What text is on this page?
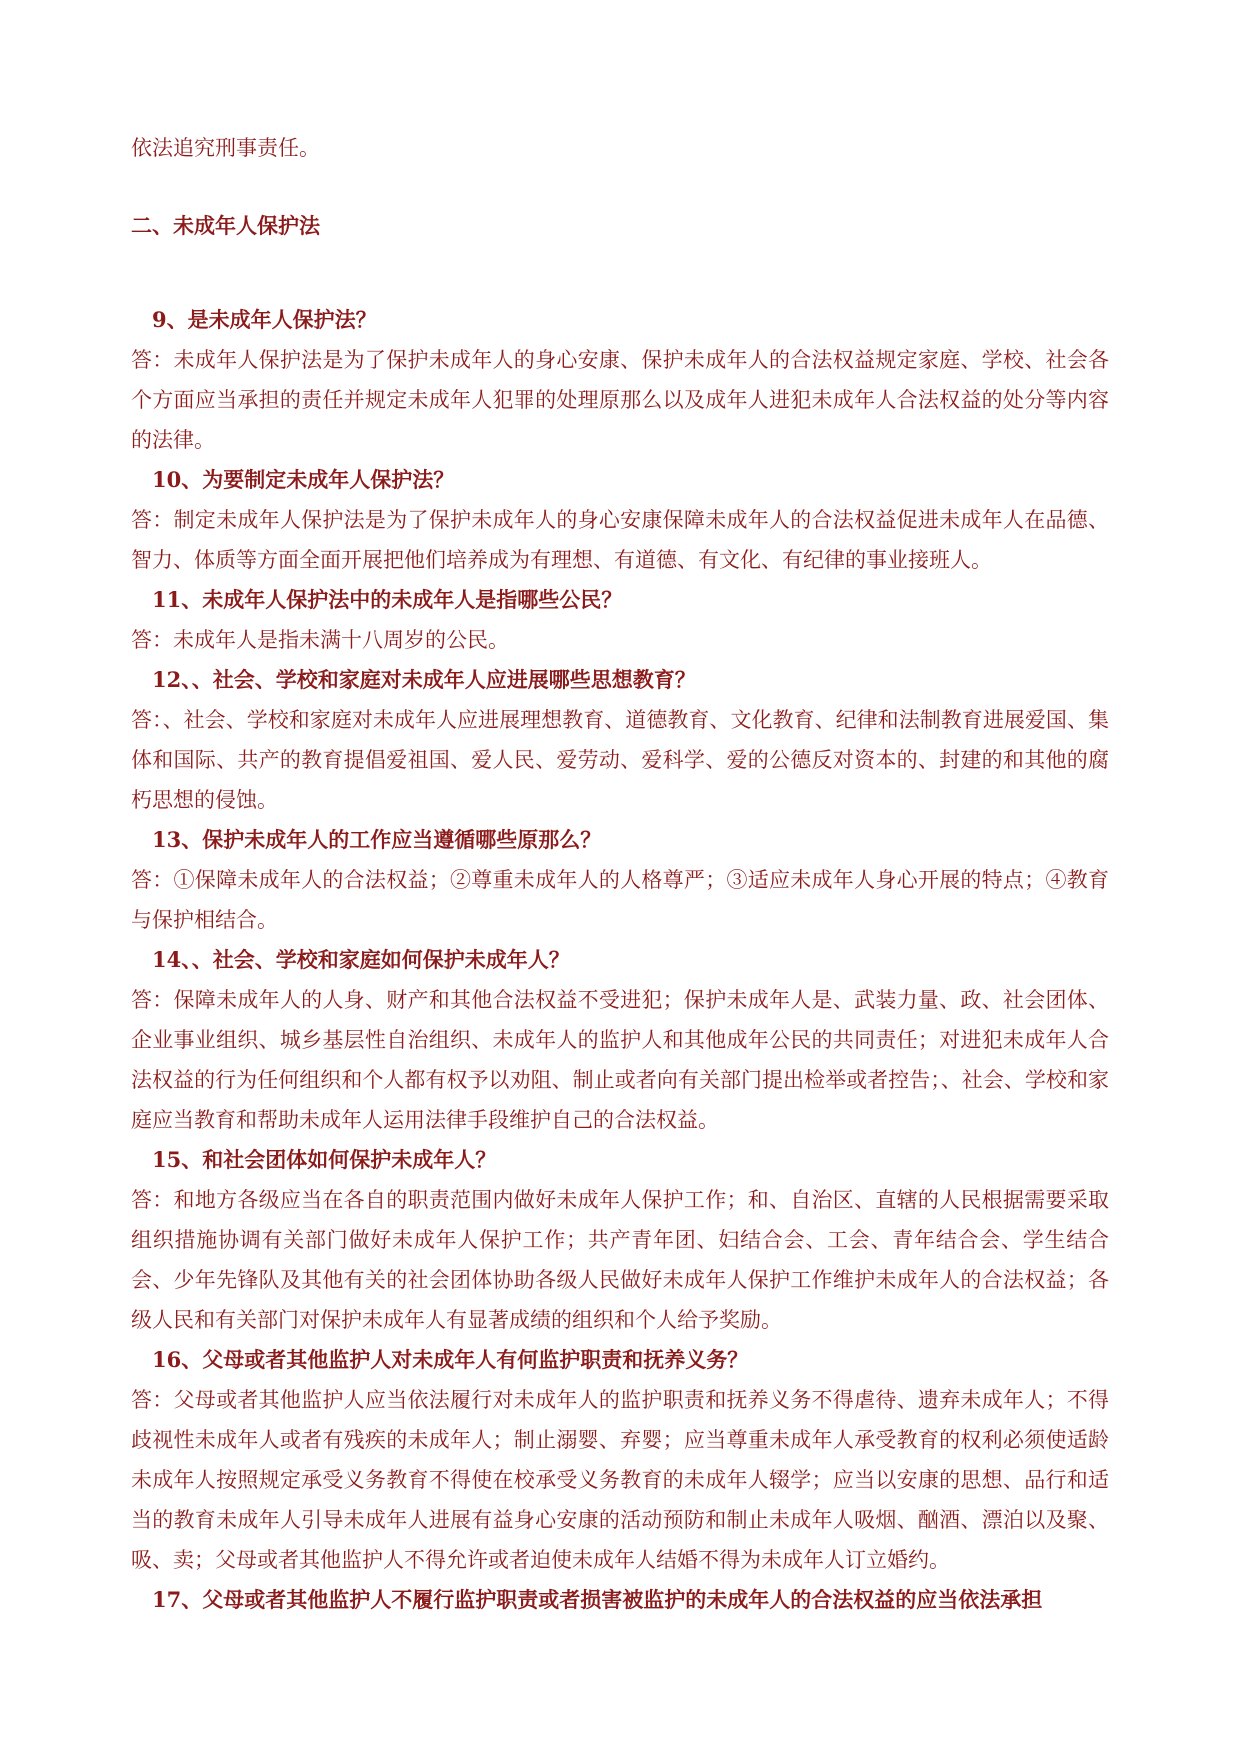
依法追究刑事责任。

二、未成年人保护法

9、是未成年人保护法？

答：未成年人保护法是为了保护未成年人的身心安康、保护未成年人的合法权益规定家庭、学校、社会各个方面应当承担的责任并规定未成年人犯罪的处理原那么以及成年人进犯未成年人合法权益的处分等内容的法律。

10、为要制定未成年人保护法？

答：制定未成年人保护法是为了保护未成年人的身心安康保障未成年人的合法权益促进未成年人在品德、智力、体质等方面全面开展把他们培养成为有理想、有道德、有文化、有纪律的事业接班人。

11、未成年人保护法中的未成年人是指哪些公民？

答：未成年人是指未满十八周岁的公民。

12、、社会、学校和家庭对未成年人应进展哪些思想教育？

答：、社会、学校和家庭对未成年人应进展理想教育、道德教育、文化教育、纪律和法制教育进展爱国、集体和国际、共产的教育提倡爱祖国、爱人民、爱劳动、爱科学、爱的公德反对资本的、封建的和其他的腐朽思想的侵蚀。

13、保护未成年人的工作应当遵循哪些原那么？

答：①保障未成年人的合法权益；②尊重未成年人的人格尊严；③适应未成年人身心开展的特点；④教育与保护相结合。

14、、社会、学校和家庭如何保护未成年人？

答：保障未成年人的人身、财产和其他合法权益不受进犯；保护未成年人是、武装力量、政、社会团体、企业事业组织、城乡基层性自治组织、未成年人的监护人和其他成年公民的共同责任；对进犯未成年人合法权益的行为任何组织和个人都有权予以劝阻、制止或者向有关部门提出检举或者控告；、社会、学校和家庭应当教育和帮助未成年人运用法律手段维护自己的合法权益。

15、和社会团体如何保护未成年人？

答：和地方各级应当在各自的职责范围内做好未成年人保护工作；和、自治区、直辖的人民根据需要采取组织措施协调有关部门做好未成年人保护工作；共产青年团、妇结合会、工会、青年结合会、学生结合会、少年先锋队及其他有关的社会团体协助各级人民做好未成年人保护工作维护未成年人的合法权益；各级人民和有关部门对保护未成年人有显著成绩的组织和个人给予奖励。

16、父母或者其他监护人对未成年人有何监护职责和抚养义务？

答：父母或者其他监护人应当依法履行对未成年人的监护职责和抚养义务不得虐待、遗弃未成年人；不得歧视性未成年人或者有残疾的未成年人；制止溺婴、弃婴；应当尊重未成年人承受教育的权利必须使适龄未成年人按照规定承受义务教育不得使在校承受义务教育的未成年人辍学；应当以安康的思想、品行和适当的教育未成年人引导未成年人进展有益身心安康的活动预防和制止未成年人吸烟、酗酒、漂泊以及聚、吸、卖；父母或者其他监护人不得允许或者迫使未成年人结婚不得为未成年人订立婚约。

17、父母或者其他监护人不履行监护职责或者损害被监护的未成年人的合法权益的应当依法承担
